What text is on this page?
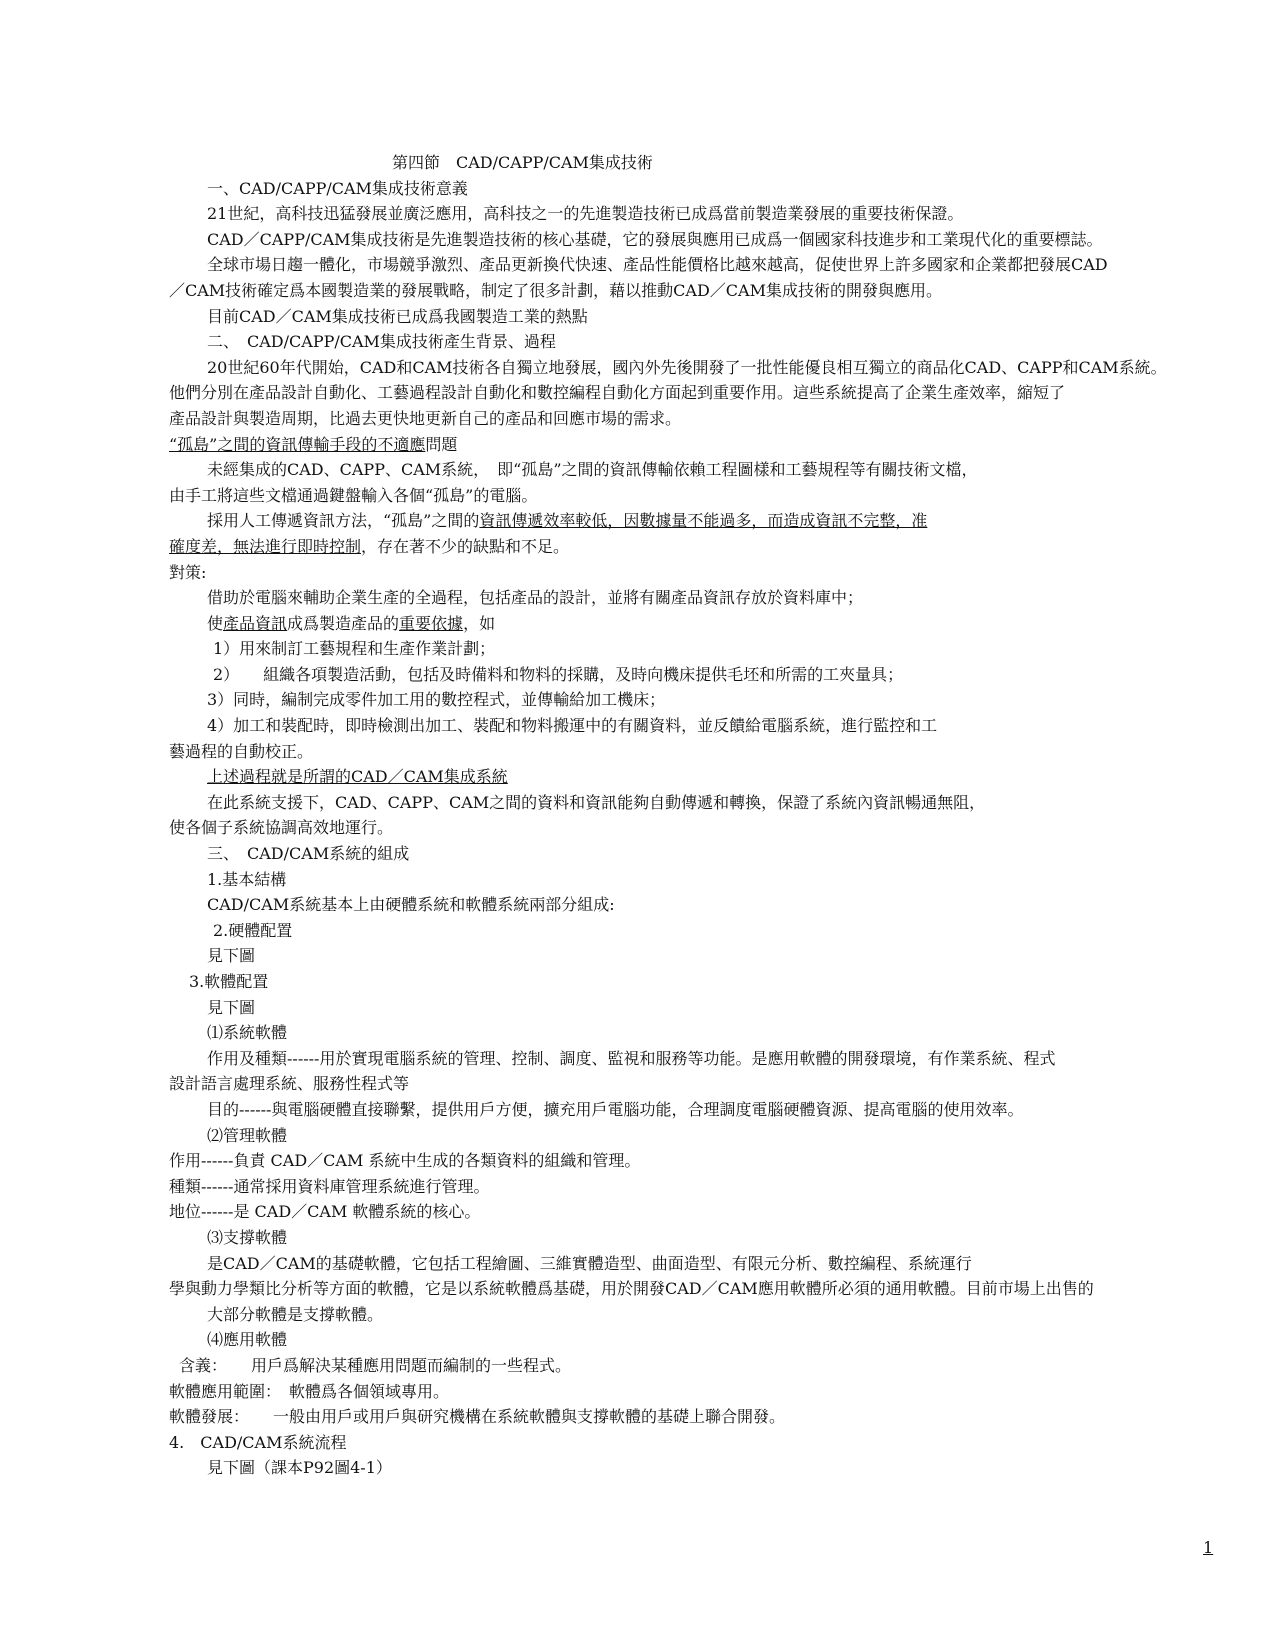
第四節　CAD/CAPP/CAM集成技術
一、CAD/CAPP/CAM集成技術意義
21世紀，高科技迅猛發展並廣泛應用，高科技之一的先進製造技術已成爲當前製造業發展的重要技術保證。
CAD／CAPP/CAM集成技術是先進製造技術的核心基礎，它的發展與應用已成爲一個國家科技進步和工業現代化的重要標誌。
全球市場日趨一體化，市場競爭激烈、產品更新換代快速、產品性能價格比越來越高，促使世界上許多國家和企業都把發展CAD
／CAM技術確定爲本國製造業的發展戰略，制定了很多計劃，藉以推動CAD／CAM集成技術的開發與應用。
目前CAD／CAM集成技術已成爲我國製造工業的熱點
二、　CAD/CAPP/CAM集成技術產生背景、過程
20世紀60年代開始，CAD和CAM技術各自獨立地發展，國內外先後開發了一批性能優良相互獨立的商品化CAD、CAPP和CAM系統。
他們分別在產品設計自動化、工藝過程設計自動化和數控編程自動化方面起到重要作用。這些系統提高了企業生產效率，縮短了
產品設計與製造周期，比過去更快地更新自己的產品和回應市場的需求。
“孤島”之間的資訊傳輸手段的不適應問題
未經集成的CAD、CAPP、CAM系統，　即“孤島”之間的資訊傳輸依賴工程圖樣和工藝規程等有關技術文檔，
由手工將這些文檔通過鍵盤輸入各個“孤島”的電腦。
採用人工傳遞資訊方法，“孤島”之間的資訊傳遞效率較低，因數據量不能過多，而造成資訊不完整，准
確度差，無法進行即時控制，存在著不少的缺點和不足。
對策:
借助於電腦來輔助企業生產的全過程，包括產品的設計，並將有關產品資訊存放於資料庫中；
使產品資訊成爲製造產品的重要依據，如
1）用來制訂工藝規程和生產作業計劃；
2）　　組織各項製造活動，包括及時備料和物料的採購，及時向機床提供毛坯和所需的工夾量具；
3）同時，編制完成零件加工用的數控程式，並傳輸給加工機床；
4）加工和裝配時，即時檢測出加工、裝配和物料搬運中的有關資料，並反饋給電腦系統，進行監控和工
藝過程的自動校正。
上述過程就是所謂的CAD／CAM集成系統
在此系統支援下，CAD、CAPP、CAM之間的資料和資訊能夠自動傳遞和轉換，保證了系統內資訊暢通無阻，
使各個子系統協調高效地運行。
三、　CAD/CAM系統的組成
1.基本結構
CAD/CAM系統基本上由硬體系統和軟體系統兩部分組成:
2.硬體配置
見下圖
3.軟體配置
見下圖
⑴系統軟體
作用及種類------用於實現電腦系統的管理、控制、調度、監視和服務等功能。是應用軟體的開發環境，有作業系統、程式
設計語言處理系統、服務性程式等
目的------與電腦硬體直接聯繫，提供用戶方便，擴充用戶電腦功能，合理調度電腦硬體資源、提高電腦的使用效率。
⑵管理軟體
作用------負責 CAD／CAM 系統中生成的各類資料的組織和管理。
種類------通常採用資料庫管理系統進行管理。
地位------是 CAD／CAM 軟體系統的核心。
⑶支撐軟體
是CAD／CAM的基礎軟體，它包括工程繪圖、三維實體造型、曲面造型、有限元分析、數控編程、系統運行
學與動力學類比分析等方面的軟體，它是以系統軟體爲基礎，用於開發CAD／CAM應用軟體所必須的通用軟體。目前市場上出售的
大部分軟體是支撐軟體。
⑷應用軟體
含義：　　用戶爲解決某種應用問題而編制的一些程式。
軟體應用範圍：　軟體爲各個領域專用。
軟體發展：　　一般由用戶或用戶與研究機構在系統軟體與支撐軟體的基礎上聯合開發。
4.　CAD/CAM系統流程
見下圖（課本P92圖4-1）
1
